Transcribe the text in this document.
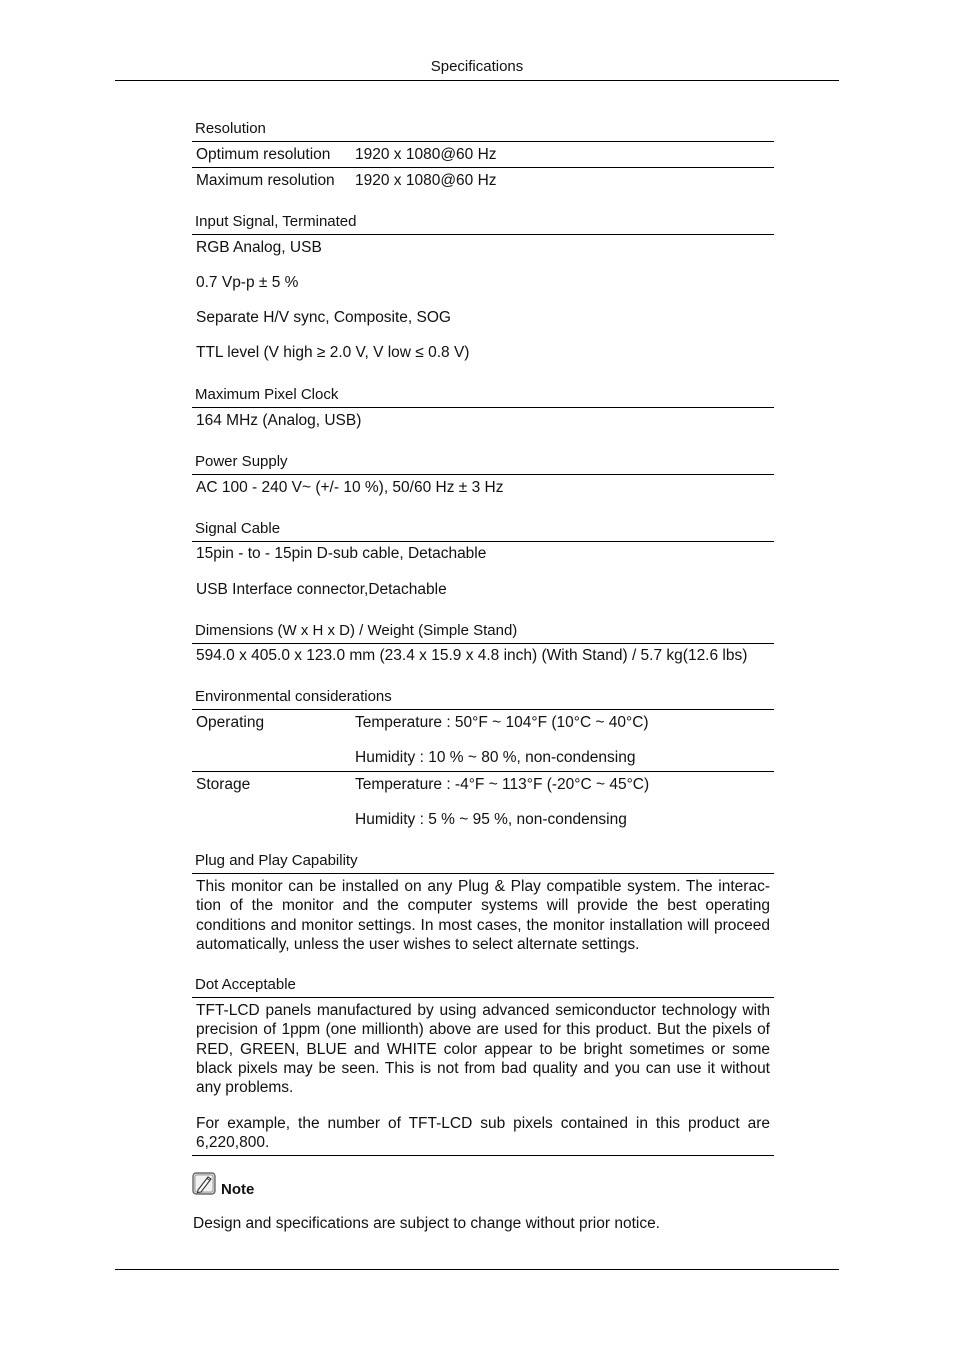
Specifications
Resolution
Optimum resolution 1920 x 1080@60 Hz
Maximum resolution 1920 x 1080@60 Hz
Input Signal, Terminated
RGB Analog, USB
0.7 Vp-p ± 5 %
Separate H/V sync, Composite, SOG
TTL level (V high ≥ 2.0 V, V low ≤ 0.8 V)
Maximum Pixel Clock
164 MHz (Analog, USB)
Power Supply
AC 100 - 240 V~ (+/- 10 %), 50/60 Hz ± 3 Hz
Signal Cable
15pin - to - 15pin D-sub cable, Detachable
USB Interface connector,Detachable
Dimensions (W x H x D) / Weight (Simple Stand)
594.0 x 405.0 x 123.0 mm (23.4 x 15.9 x 4.8 inch) (With Stand) / 5.7 kg(12.6 lbs)
Environmental considerations
Operating	Temperature : 50°F ~ 104°F (10°C ~ 40°C)
Humidity : 10 % ~ 80 %, non-condensing
Storage	Temperature : -4°F ~ 113°F (-20°C ~ 45°C)
Humidity : 5 % ~ 95 %, non-condensing
Plug and Play Capability
This monitor can be installed on any Plug & Play compatible system. The interaction of the monitor and the computer systems will provide the best operating conditions and monitor settings. In most cases, the monitor installation will proceed automatically, unless the user wishes to select alternate settings.
Dot Acceptable
TFT-LCD panels manufactured by using advanced semiconductor technology with precision of 1ppm (one millionth) above are used for this product. But the pixels of RED, GREEN, BLUE and WHITE color appear to be bright sometimes or some black pixels may be seen. This is not from bad quality and you can use it without any problems.
For example, the number of TFT-LCD sub pixels contained in this product are 6,220,800.
Note
Design and specifications are subject to change without prior notice.
